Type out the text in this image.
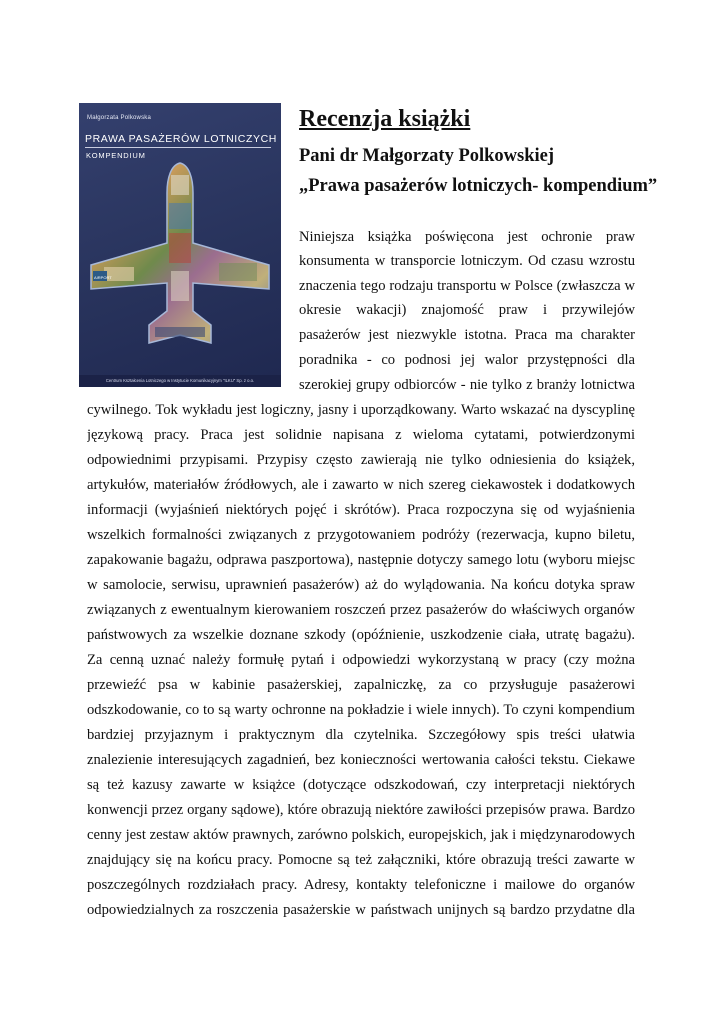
Małgorzata Polkowska
PRAWA PASAŻERÓW LOTNICZYCH
KOMPENDIUM
AIRPORT
Centrum Kształcenia Lotniczego w Instytucie Komunikacyjnym "ILKU" Sp. z o.o.
Recenzja książki
Pani dr Małgorzaty Polkowskiej
„Prawa pasażerów lotniczych- kompendium”
Niniejsza książka poświęcona jest ochronie praw
konsumenta w transporcie lotniczym. Od czasu wzrostu
znaczenia tego rodzaju transportu w Polsce (zwłaszcza w
okresie wakacji) znajomość praw i przywilejów
pasażerów jest niezwykle istotna. Praca ma charakter
poradnika - co podnosi jej walor przystępności dla
szerokiej grupy odbiorców - nie tylko z branży lotnictwa
cywilnego. Tok wykładu jest logiczny, jasny i uporządkowany. Warto wskazać na dyscyplinę
językową pracy. Praca jest solidnie napisana z wieloma cytatami, potwierdzonymi
odpowiednimi przypisami. Przypisy często zawierają nie tylko odniesienia do książek,
artykułów, materiałów źródłowych, ale i zawarto w nich szereg ciekawostek i dodatkowych
informacji (wyjaśnień niektórych pojęć i skrótów). Praca rozpoczyna się od wyjaśnienia
wszelkich formalności związanych z przygotowaniem podróży (rezerwacja, kupno biletu,
zapakowanie bagażu, odprawa paszportowa), następnie dotyczy samego lotu (wyboru miejsc
w samolocie, serwisu, uprawnień pasażerów) aż do wylądowania. Na końcu dotyka spraw
związanych z ewentualnym kierowaniem roszczeń przez pasażerów do właściwych organów
państwowych za wszelkie doznane szkody (opóźnienie, uszkodzenie ciała, utratę bagażu).
Za cenną uznać należy formułę pytań i odpowiedzi wykorzystaną w pracy (czy można
przewieźć psa w kabinie pasażerskiej, zapalniczkę, za co przysługuje pasażerowi
odszkodowanie, co to są warty ochronne na pokładzie i wiele innych). To czyni kompendium
bardziej przyjaznym i praktycznym dla czytelnika. Szczegółowy spis treści ułatwia
znalezienie interesujących zagadnień, bez konieczności wertowania całości tekstu. Ciekawe
są też kazusy zawarte w książce (dotyczące odszkodowań, czy interpretacji niektórych
konwencji przez organy sądowe), które obrazują niektóre zawiłości przepisów prawa. Bardzo
cenny jest zestaw aktów prawnych, zarówno polskich, europejskich, jak i międzynarodowych
znajdujący się na końcu pracy. Pomocne są też załączniki, które obrazują treści zawarte w
poszczególnych rozdziałach pracy. Adresy, kontakty telefoniczne i mailowe do organów
odpowiedzialnych za roszczenia pasażerskie w państwach unijnych są bardzo przydatne dla
